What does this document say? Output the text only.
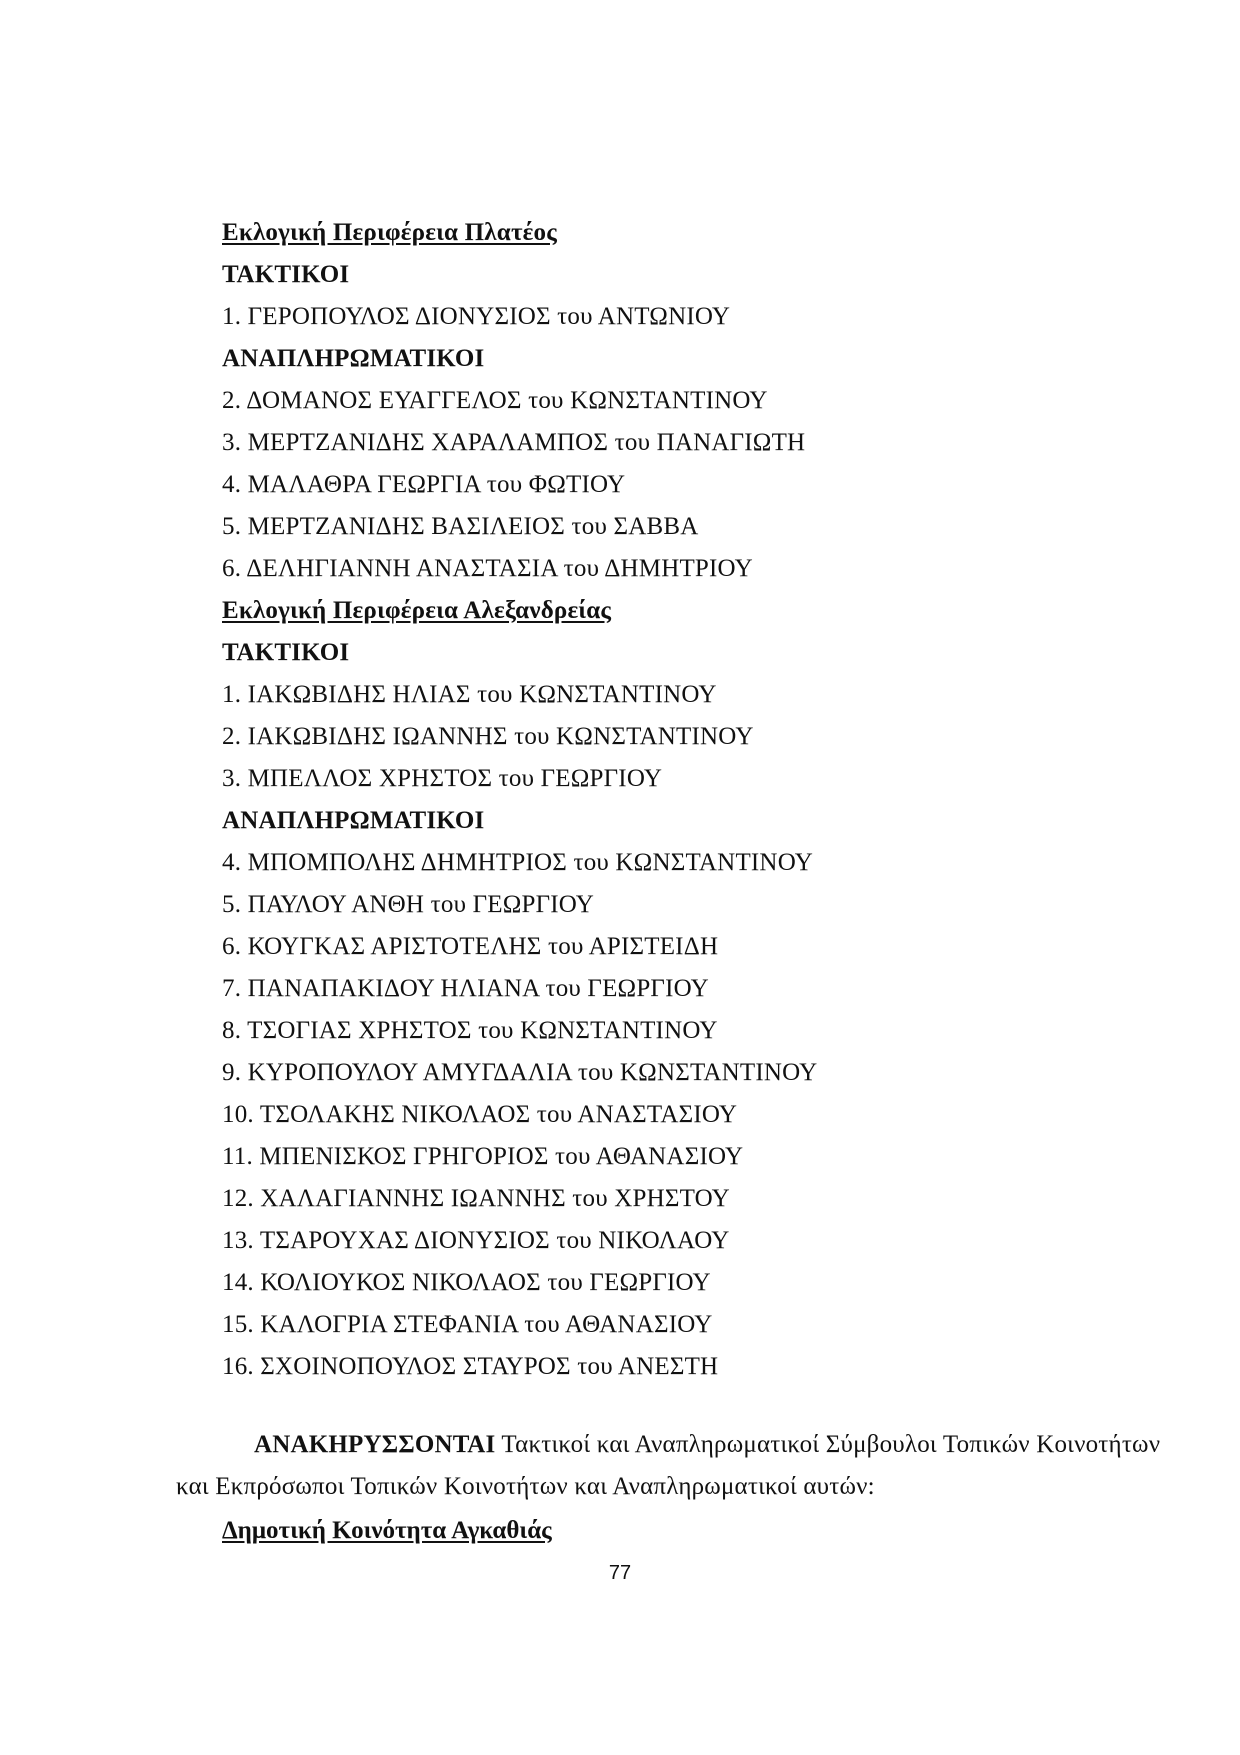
Εκλογική Περιφέρεια Πλατέος
ΤΑΚΤΙΚΟΙ
1. ΓΕΡΟΠΟΥΛΟΣ ΔΙΟΝΥΣΙΟΣ του ΑΝΤΩΝΙΟΥ
ΑΝΑΠΛΗΡΩΜΑΤΙΚΟΙ
2. ΔΟΜΑΝΟΣ ΕΥΑΓΓΕΛΟΣ του ΚΩΝΣΤΑΝΤΙΝΟΥ
3. ΜΕΡΤΖΑΝΙΔΗΣ ΧΑΡΑΛΑΜΠΟΣ του ΠΑΝΑΓΙΩΤΗ
4. ΜΑΛΑΘΡΑ ΓΕΩΡΓΙΑ του ΦΩΤΙΟΥ
5. ΜΕΡΤΖΑΝΙΔΗΣ ΒΑΣΙΛΕΙΟΣ του ΣΑΒΒΑ
6. ΔΕΛΗΓΙΑΝΝΗ ΑΝΑΣΤΑΣΙΑ του ΔΗΜΗΤΡΙΟΥ
Εκλογική Περιφέρεια Αλεξανδρείας
ΤΑΚΤΙΚΟΙ
1. ΙΑΚΩΒΙΔΗΣ ΗΛΙΑΣ του ΚΩΝΣΤΑΝΤΙΝΟΥ
2. ΙΑΚΩΒΙΔΗΣ ΙΩΑΝΝΗΣ του ΚΩΝΣΤΑΝΤΙΝΟΥ
3. ΜΠΕΛΛΟΣ ΧΡΗΣΤΟΣ του ΓΕΩΡΓΙΟΥ
ΑΝΑΠΛΗΡΩΜΑΤΙΚΟΙ
4. ΜΠΟΜΠΟΛΗΣ ΔΗΜΗΤΡΙΟΣ του ΚΩΝΣΤΑΝΤΙΝΟΥ
5. ΠΑΥΛΟΥ ΑΝΘΗ του ΓΕΩΡΓΙΟΥ
6. ΚΟΥΓΚΑΣ ΑΡΙΣΤΟΤΕΛΗΣ του ΑΡΙΣΤΕΙΔΗ
7. ΠΑΝΑΠΑΚΙΔΟΥ ΗΛΙΑΝΑ του ΓΕΩΡΓΙΟΥ
8. ΤΣΟΓΙΑΣ ΧΡΗΣΤΟΣ του ΚΩΝΣΤΑΝΤΙΝΟΥ
9. ΚΥΡΟΠΟΥΛΟΥ ΑΜΥΓΔΑΛΙΑ του ΚΩΝΣΤΑΝΤΙΝΟΥ
10. ΤΣΟΛΑΚΗΣ ΝΙΚΟΛΑΟΣ του ΑΝΑΣΤΑΣΙΟΥ
11. ΜΠΕΝΙΣΚΟΣ ΓΡΗΓΟΡΙΟΣ του ΑΘΑΝΑΣΙΟΥ
12. ΧΑΛΑΓΙΑΝΝΗΣ ΙΩΑΝΝΗΣ του ΧΡΗΣΤΟΥ
13. ΤΣΑΡΟΥΧΑΣ ΔΙΟΝΥΣΙΟΣ του ΝΙΚΟΛΑΟΥ
14. ΚΟΛΙΟΥΚΟΣ ΝΙΚΟΛΑΟΣ του ΓΕΩΡΓΙΟΥ
15. ΚΑΛΟΓΡΙΑ ΣΤΕΦΑΝΙΑ του ΑΘΑΝΑΣΙΟΥ
16. ΣΧΟΙΝΟΠΟΥΛΟΣ ΣΤΑΥΡΟΣ του ΑΝΕΣΤΗ
ΑΝΑΚΗΡΥΣΣΟΝΤΑΙ Τακτικοί και Αναπληρωματικοί Σύμβουλοι Τοπικών Κοινοτήτων
και Εκπρόσωποι Τοπικών Κοινοτήτων και Αναπληρωματικοί αυτών:
Δημοτική Κοινότητα Αγκαθιάς
77
